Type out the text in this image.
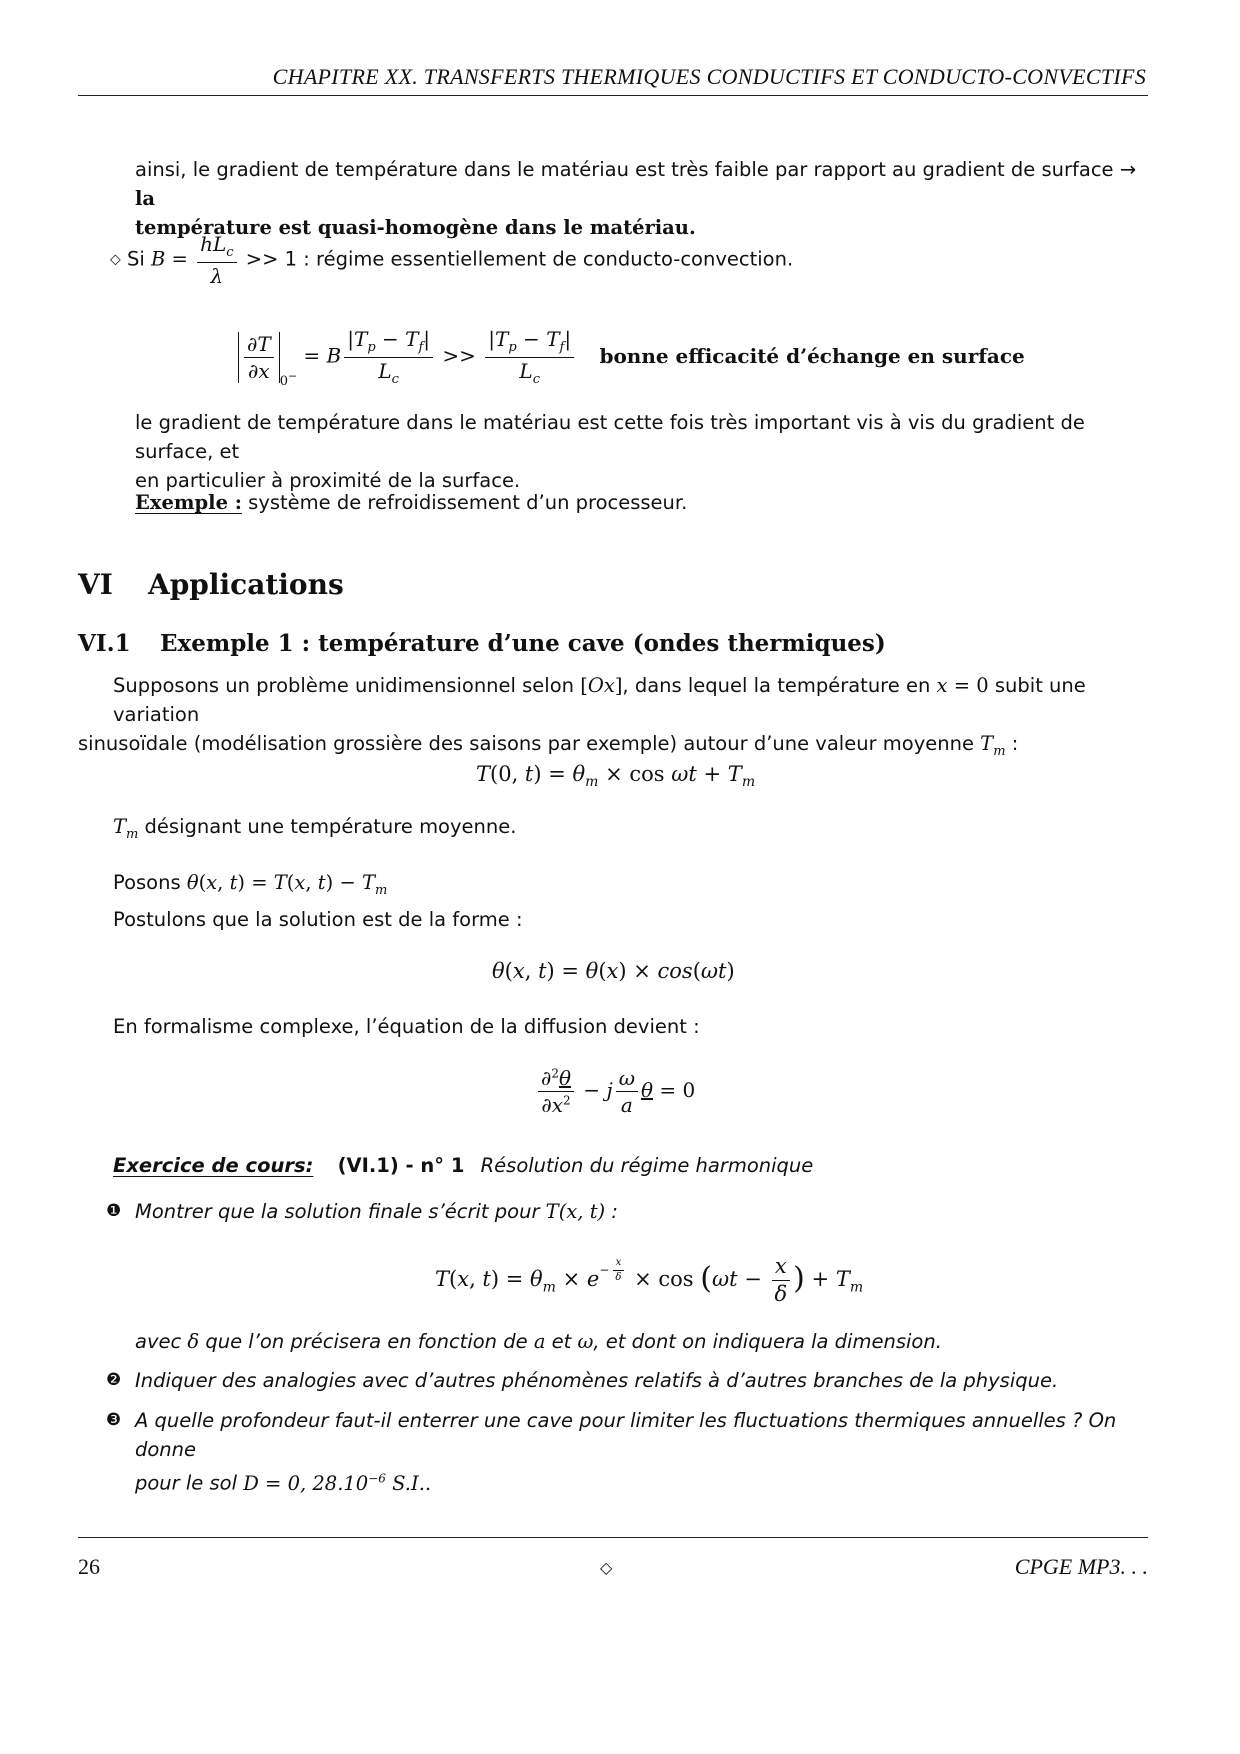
CHAPITRE XX. TRANSFERTS THERMIQUES CONDUCTIFS ET CONDUCTO-CONVECTIFS
ainsi, le gradient de température dans le matériau est très faible par rapport au gradient de surface → la
température est quasi-homogène dans le matériau.
◇ Si $B = \frac{hL_c}{\lambda} >> 1$ : régime essentiellement de conducto-convection.
$\frac{\partial T}{\partial x} _{0^-} = B \frac{|T_p - T_f|}{L_c} >> \frac{|T_p - T_f|}{L_c}$ bonne efficacité d’échange en surface
le gradient de température dans le matériau est cette fois très important vis à vis du gradient de surface, et
en particulier à proximité de la surface.
Exemple : système de refroidissement d’un processeur.
VI Applications
VI.1 Exemple 1 : température d’une cave (ondes thermiques)
Supposons un problème unidimensionnel selon [Ox], dans lequel la température en x = 0 subit une variation
sinusoïdale (modélisation grossière des saisons par exemple) autour d’une valeur moyenne $T_m$ :
T(0, $t) = \theta_m \times \cos \omega t + T_m$
$T_m$ désignant une température moyenne.
Posons θ(x, t) = T(x, $t) - T_m$
Postulons que la solution est de la forme :
θ(x, t) = θ(x) × cos(ωt)
En formalisme complexe, l’équation de la diffusion devient :
$\frac{\partial^2\theta}{\partial x^2} - j \frac{\omega}{a}$ θ = 0
Exercice de cours: (VI.1) - n° 1 Résolution du régime harmonique
❶ Montrer que la solution finale s’écrit pour T(x, t) :
T(x, $t) = \theta_m \times e^{- \frac{x}{\delta}} \times \cos (\omega t - \frac{x}{\delta}$ ) + $T_m$
avec δ que l’on précisera en fonction de a et ω, et dont on indiquera la dimension.
❷ Indiquer des analogies avec d’autres phénomènes relatifs à d’autres branches de la physique.
❸ A quelle profondeur faut-il enterrer une cave pour limiter les fluctuations thermiques annuelles ? On donne
pour le sol D = 0, $28.10^{-6}$ S.I..
26	◇	CPGE MP3. . .
